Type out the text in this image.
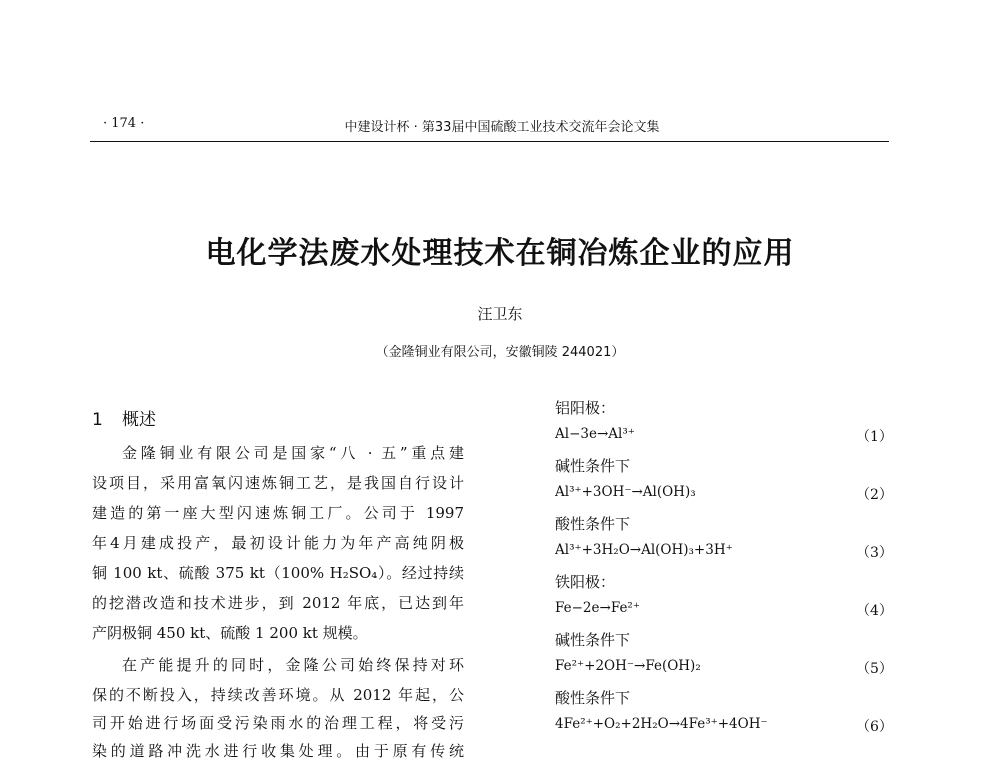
· 174 ·	中建设计杯 · 第33届中国硫酸工业技术交流年会论文集
电化学法废水处理技术在铜冶炼企业的应用
汪卫东
（金隆铜业有限公司，安徽铜陵 244021）
1 概述
金隆铜业有限公司是国家“八 · 五”重点建
设项目，采用富氧闪速炼铜工艺，是我国自行设计
建造的第一座大型闪速炼铜工厂。公司于 1997
年4月建成投产，最初设计能力为年产高纯阴极
铜 100 kt、硫酸 375 kt（100% H₂SO₄）。经过持续
的挖潜改造和技术进步，到 2012 年底，已达到年
产阴极铜 450 kt、硫酸 1 200 kt 规模。
在产能提升的同时，金隆公司始终保持对环
保的不断投入，持续改善环境。从 2012 年起，公
司开始进行场面受污染雨水的治理工程，将受污
染的道路冲洗水进行收集处理。由于原有传统
铝阳极：
Al−3e→Al³⁺	（1）
碱性条件下
Al³⁺+3OH⁻→Al(OH)₃	（2）
酸性条件下
Al³⁺+3H₂O→Al(OH)₃+3H⁺	（3）
铁阳极：
Fe−2e→Fe²⁺	（4）
碱性条件下
Fe²⁺+2OH⁻→Fe(OH)₂	（5）
酸性条件下
4Fe²⁺+O₂+2H₂O→4Fe³⁺+4OH⁻	（6）
